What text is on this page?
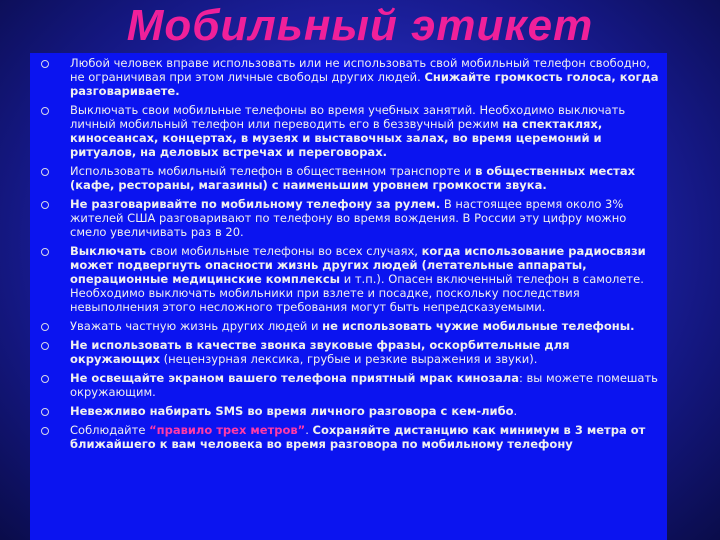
Мобильный этикет
Любой человек вправе использовать или не использовать свой мобильный телефон свободно, не ограничивая при этом личные свободы других людей. Снижайте громкость голоса, когда разговариваете.
Выключать свои мобильные телефоны во время учебных занятий. Необходимо выключать личный мобильный телефон или переводить его в беззвучный режим на спектаклях, киносеансах, концертах, в музеях и выставочных залах, во время церемоний и ритуалов, на деловых встречах и переговорах.
Использовать мобильный телефон в общественном транспорте и в общественных местах (кафе, рестораны, магазины) с наименьшим уровнем громкости звука.
Не разговаривайте по мобильному телефону за рулем. В настоящее время около 3% жителей США разговаривают по телефону во время вождения. В России эту цифру можно смело увеличивать раз в 20.
Выключать свои мобильные телефоны во всех случаях, когда использование радиосвязи может подвергнуть опасности жизнь других людей (летательные аппараты, операционные медицинские комплексы и т.п.). Опасен включенный телефон в самолете. Необходимо выключать мобильники при взлете и посадке, поскольку последствия невыполнения этого несложного требования могут быть непредсказуемыми.
Уважать частную жизнь других людей и не использовать чужие мобильные телефоны.
Не использовать в качестве звонка звуковые фразы, оскорбительные для окружающих (нецензурная лексика, грубые и резкие выражения и звуки).
Не освещайте экраном вашего телефона приятный мрак кинозала: вы можете помешать окружающим.
Невежливо набирать SMS во время личного разговора с кем-либо.
Соблюдайте “правило трех метров”. Сохраняйте дистанцию как минимум в 3 метра от ближайшего к вам человека во время разговора по мобильному телефону
